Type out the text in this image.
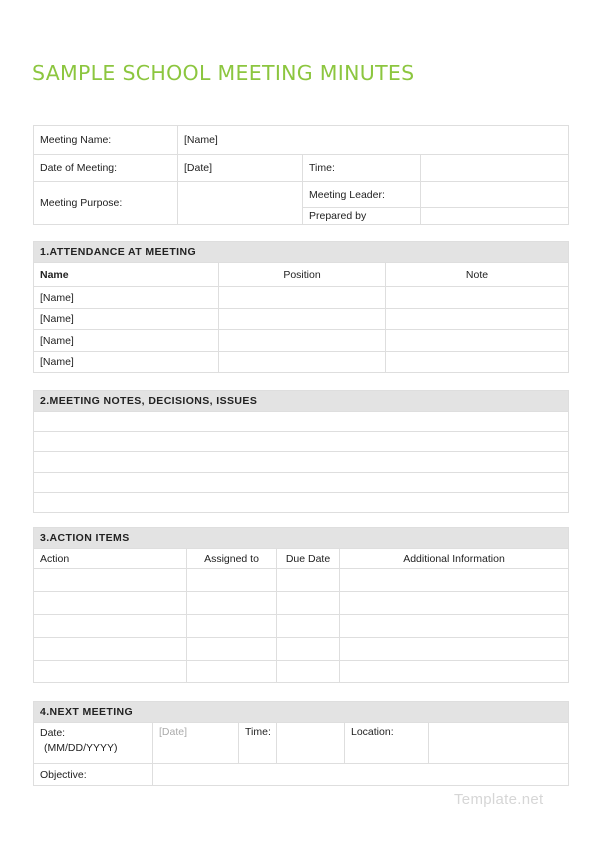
SAMPLE SCHOOL MEETING MINUTES
Meeting Name:	[Name]		
Date of Meeting:	[Date]	Time:	
Meeting Purpose:		Meeting Leader:	
		Prepared by	
1.ATTENDANCE AT MEETING		
Name	Position	Note
[Name]		
[Name]		
[Name]		
[Name]		
2.MEETING NOTES, DECISIONS, ISSUES

3.ACTION ITEMS			
Action	Assigned to	Due Date	Additional Information

4.NEXT MEETING					

Date:
(MM/DD/YYYY)	[Date]	Time:		Location:	
Objective:					
Template.net
